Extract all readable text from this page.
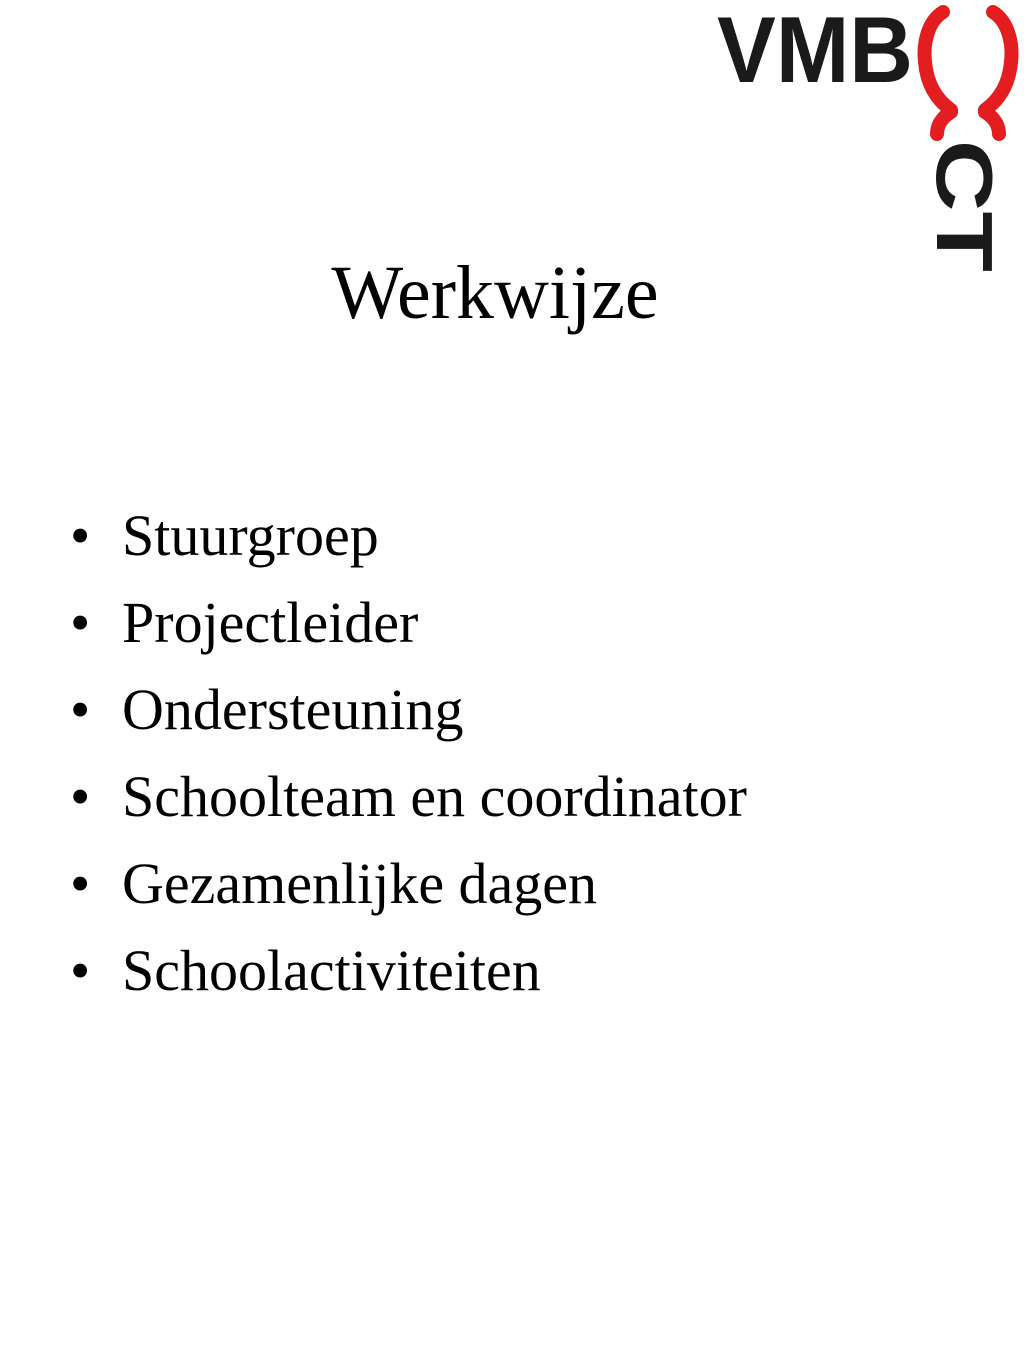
VMB
CT
Werkwijze
• Stuurgroep
• Projectleider
• Ondersteuning
• Schoolteam en coordinator
• Gezamenlijke dagen
• Schoolactiviteiten
